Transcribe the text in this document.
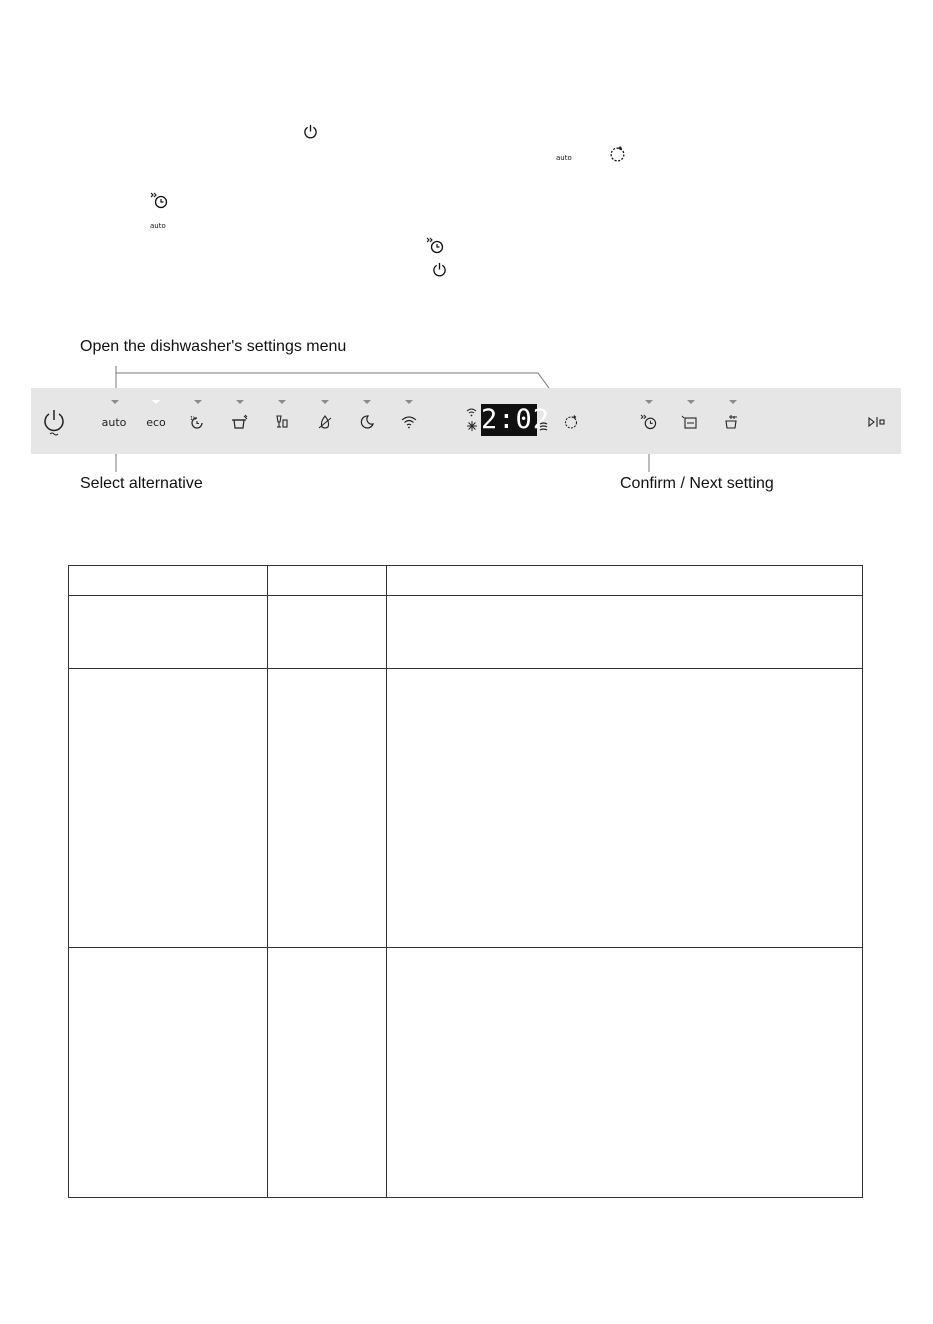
auto
auto
Open the dishwasher's settings menu
Select alternative	Confirm / Next setting
auto eco	1h	2:02
